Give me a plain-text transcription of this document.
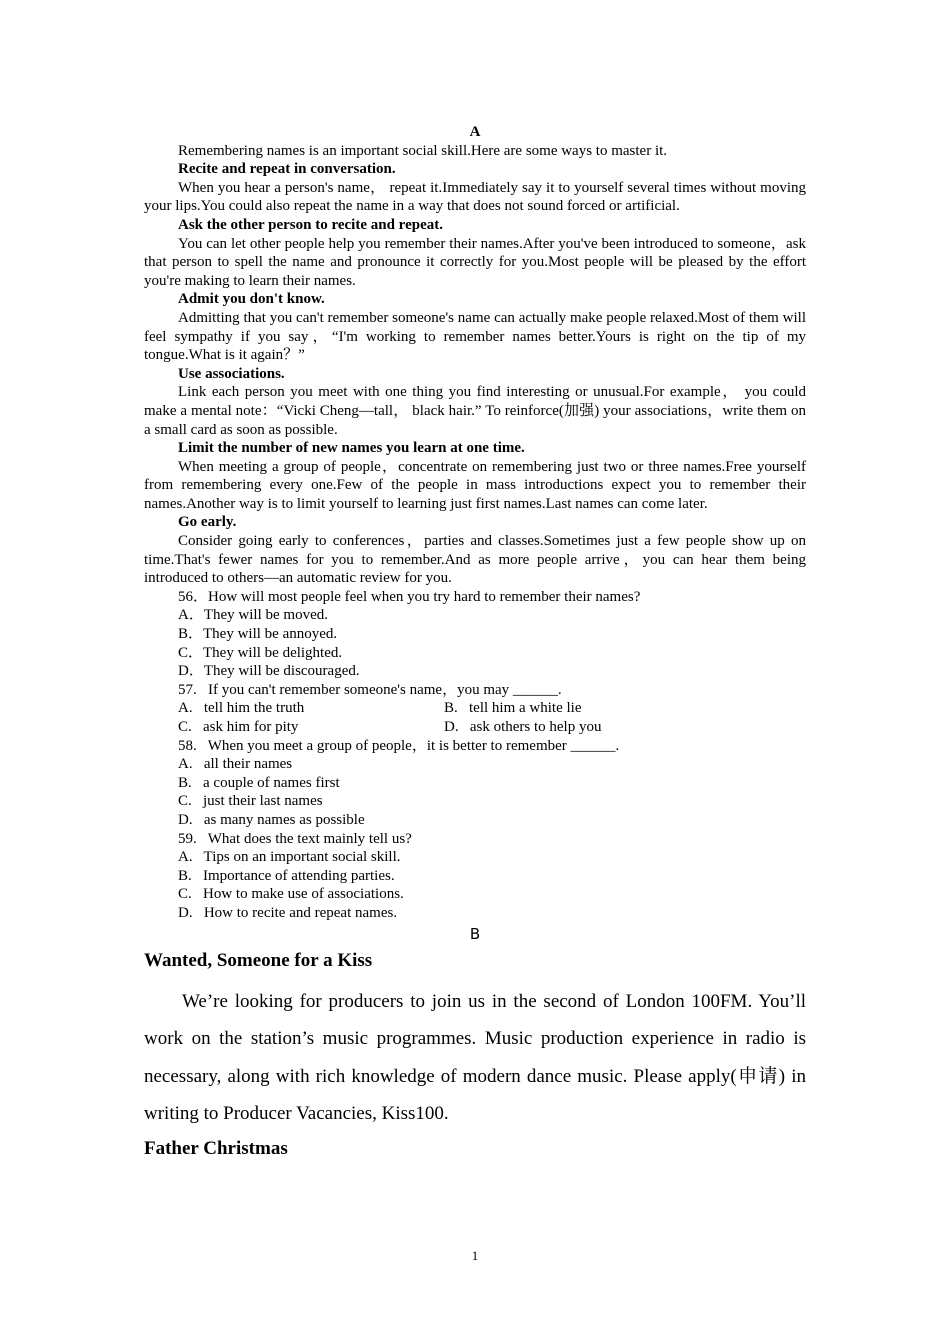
A
Remembering names is an important social skill.Here are some ways to master it.
Recite and repeat in conversation.
When you hear a person's name， repeat it.Immediately say it to yourself several times without moving your lips.You could also repeat the name in a way that does not sound forced or artificial.
Ask the other person to recite and repeat.
You can let other people help you remember their names.After you've been introduced to someone，ask that person to spell the name and pronounce it correctly for you.Most people will be pleased by the effort you're making to learn their names.
Admit you don't know.
Admitting that you can't remember someone's name can actually make people relaxed.Most of them will feel sympathy if you say，“I'm working to remember names better.Yours is right on the tip of my tongue.What is it again？”
Use associations.
Link each person you meet with one thing you find interesting or unusual.For example， you could make a mental note：“Vicki Cheng—tall， black hair.” To reinforce(加强) your associations，write them on a small card as soon as possible.
Limit the number of new names you learn at one time.
When meeting a group of people，concentrate on remembering just two or three names.Free yourself from remembering every one.Few of the people in mass introductions expect you to remember their names.Another way is to limit yourself to learning just first names.Last names can come later.
Go early.
Consider going early to conferences，parties and classes.Sometimes just a few people show up on time.That's fewer names for you to remember.And as more people arrive，you can hear them being introduced to others—an automatic review for you.
56．How will most people feel when you try hard to remember their names?
A．They will be moved.
B．They will be annoyed.
C．They will be delighted.
D．They will be discouraged.
57.   If you can't remember someone's name，you may ______.
A.   tell him the truth	B.   tell him a white lie
C.   ask him for pity	D.   ask others to help you
58.   When you meet a group of people，it is better to remember ______.
A.   all their names
B.   a couple of names first
C.   just their last names
D.   as many names as possible
59.   What does the text mainly tell us?
A.   Tips on an important social skill.
B.   Importance of attending parties.
C.   How to make use of associations.
D.   How to recite and repeat names.
B
Wanted, Someone for a Kiss
We’re looking for producers to join us in the second of London 100FM. You’ll work on the station’s music programmes. Music production experience in radio is necessary, along with rich knowledge of modern dance music. Please apply(申请) in writing to Producer Vacancies, Kiss100.
Father Christmas
1
